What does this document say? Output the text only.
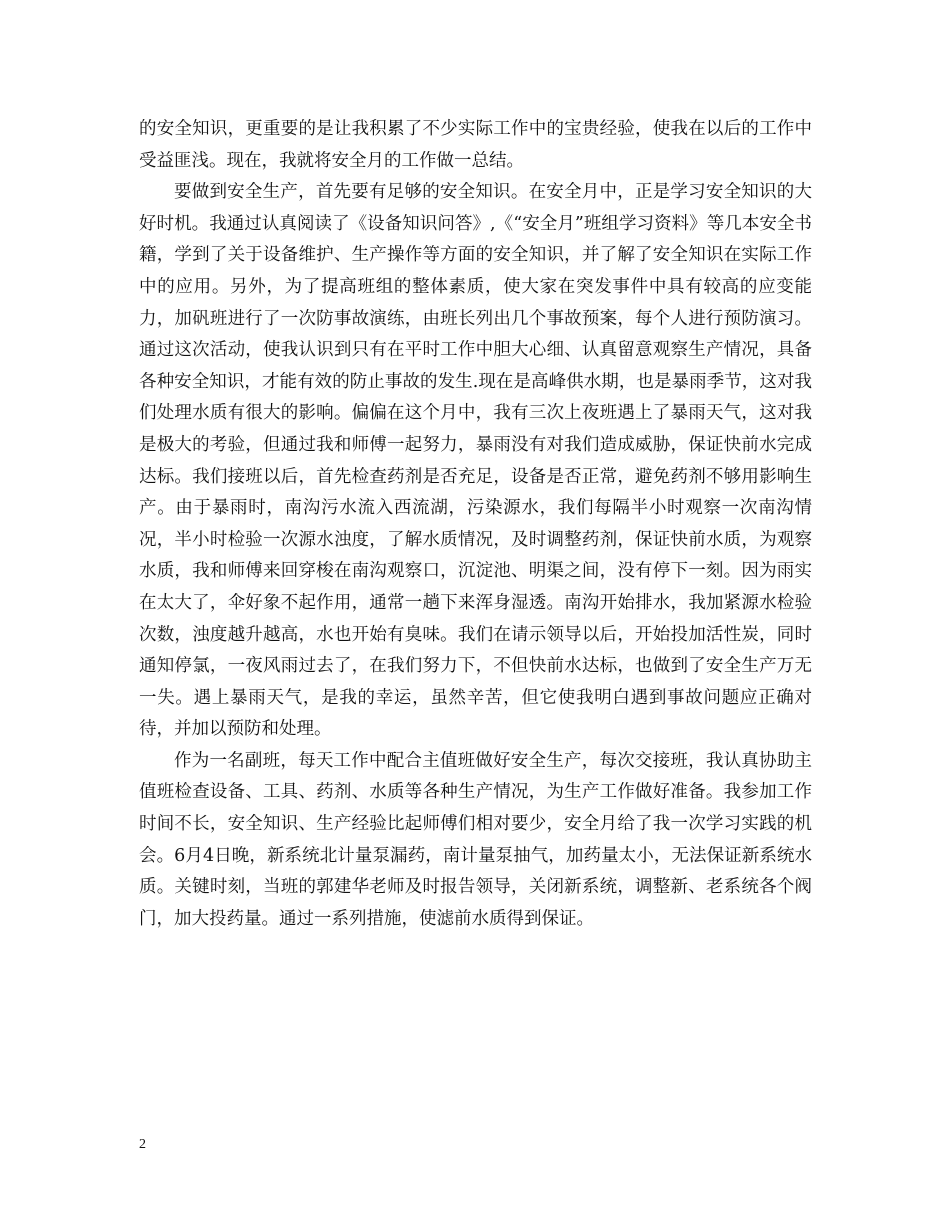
的安全知识，更重要的是让我积累了不少实际工作中的宝贵经验，使我在以后的工作中受益匪浅。现在，我就将安全月的工作做一总结。

要做到安全生产，首先要有足够的安全知识。在安全月中，正是学习安全知识的大好时机。我通过认真阅读了《设备知识问答》,《“安全月”班组学习资料》等几本安全书籍，学到了关于设备维护、生产操作等方面的安全知识，并了解了安全知识在实际工作中的应用。另外，为了提高班组的整体素质，使大家在突发事件中具有较高的应变能力，加矾班进行了一次防事故演练，由班长列出几个事故预案，每个人进行预防演习。通过这次活动，使我认识到只有在平时工作中胆大心细、认真留意观察生产情况，具备各种安全知识，才能有效的防止事故的发生.现在是高峰供水期，也是暴雨季节，这对我们处理水质有很大的影响。偏偏在这个月中，我有三次上夜班遇上了暴雨天气，这对我是极大的考验，但通过我和师傅一起努力，暴雨没有对我们造成威胁，保证快前水完成达标。我们接班以后，首先检查药剂是否充足，设备是否正常，避免药剂不够用影响生产。由于暴雨时，南沟污水流入西流湖，污染源水，我们每隔半小时观察一次南沟情况，半小时检验一次源水浊度，了解水质情况，及时调整药剂，保证快前水质，为观察水质，我和师傅来回穿梭在南沟观察口，沉淀池、明渠之间，没有停下一刻。因为雨实在太大了，伞好象不起作用，通常一趟下来浑身湿透。南沟开始排水，我加紧源水检验次数，浊度越升越高，水也开始有臭味。我们在请示领导以后，开始投加活性炭，同时通知停氯，一夜风雨过去了，在我们努力下，不但快前水达标，也做到了安全生产万无一失。遇上暴雨天气，是我的幸运，虽然辛苦，但它使我明白遇到事故问题应正确对待，并加以预防和处理。

作为一名副班，每天工作中配合主值班做好安全生产，每次交接班，我认真协助主值班检查设备、工具、药剂、水质等各种生产情况，为生产工作做好准备。我参加工作时间不长，安全知识、生产经验比起师傅们相对要少，安全月给了我一次学习实践的机会。6月4日晚，新系统北计量泵漏药，南计量泵抽气，加药量太小，无法保证新系统水质。关键时刻，当班的郭建华老师及时报告领导，关闭新系统，调整新、老系统各个阀门，加大投药量。通过一系列措施，使滤前水质得到保证。

2
